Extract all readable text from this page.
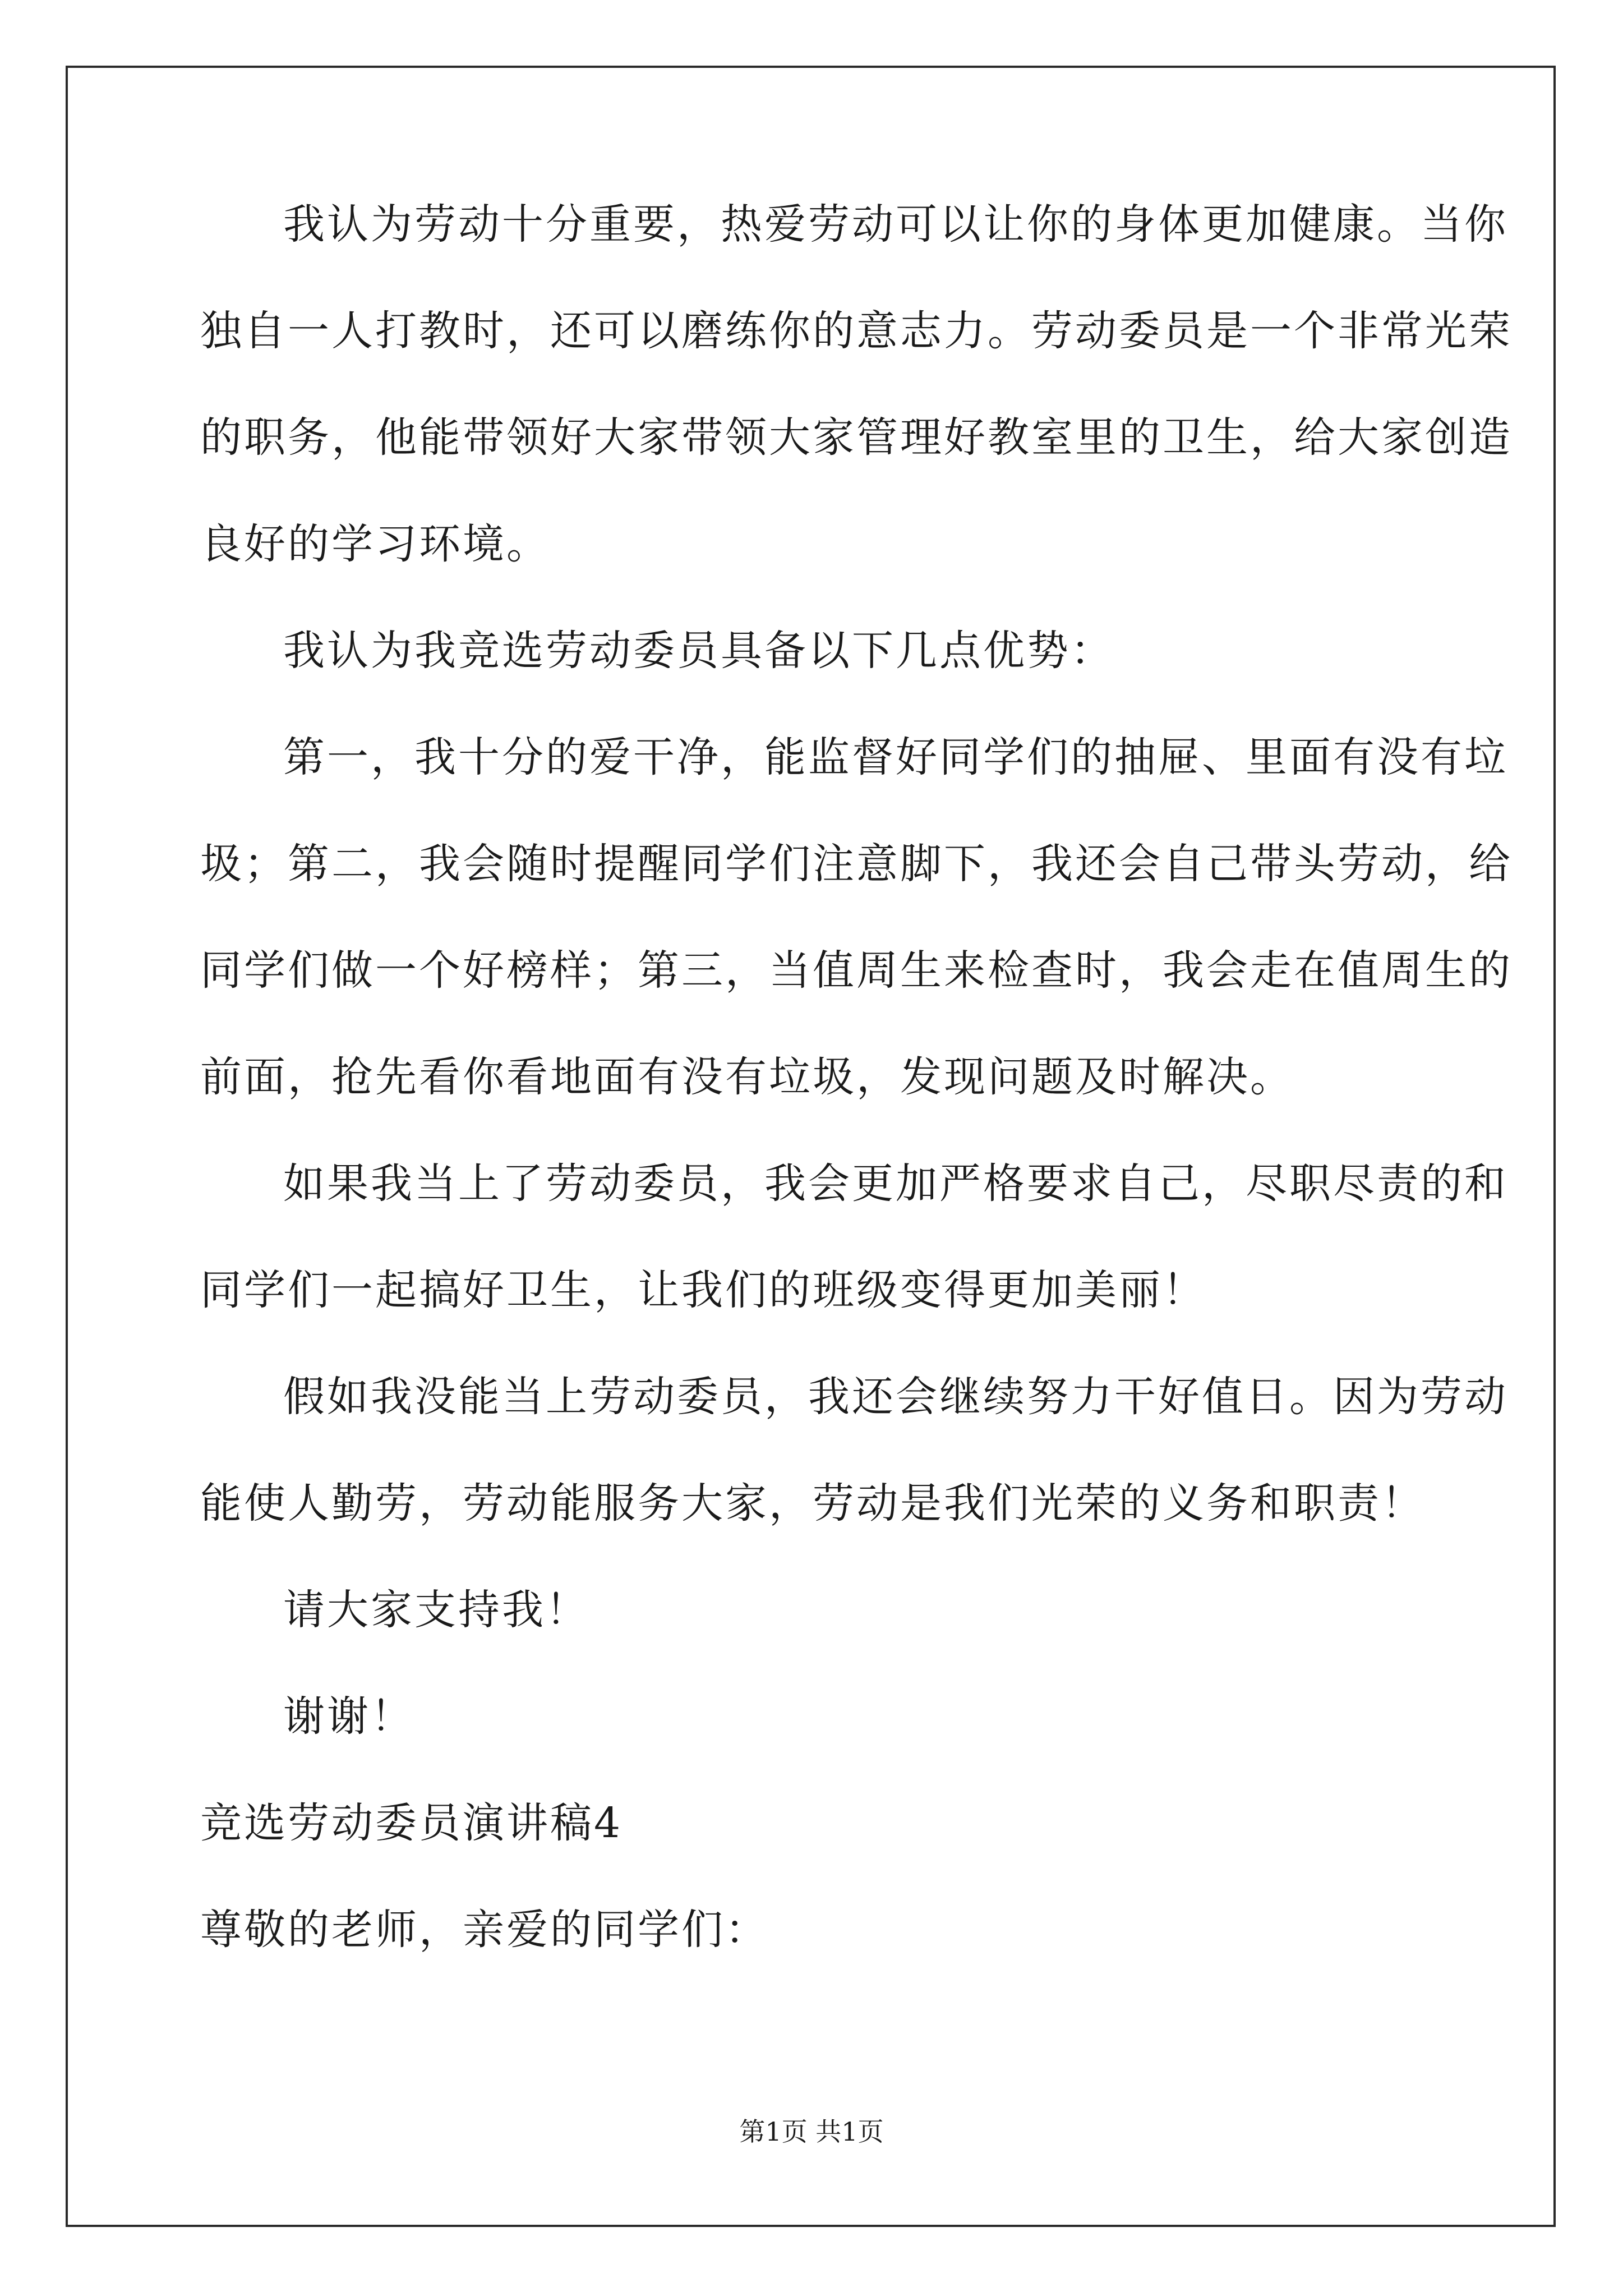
我认为劳动十分重要，热爱劳动可以让你的身体更加健康。当你
独自一人打教时，还可以磨练你的意志力。劳动委员是一个非常光荣
的职务，他能带领好大家带领大家管理好教室里的卫生，给大家创造
良好的学习环境。
我认为我竞选劳动委员具备以下几点优势：
第一，我十分的爱干净，能监督好同学们的抽屉、里面有没有垃
圾；第二，我会随时提醒同学们注意脚下，我还会自己带头劳动，给
同学们做一个好榜样；第三，当值周生来检查时，我会走在值周生的
前面，抢先看你看地面有没有垃圾，发现问题及时解决。
如果我当上了劳动委员，我会更加严格要求自己，尽职尽责的和
同学们一起搞好卫生，让我们的班级变得更加美丽！
假如我没能当上劳动委员，我还会继续努力干好值日。因为劳动
能使人勤劳，劳动能服务大家，劳动是我们光荣的义务和职责！
请大家支持我！
谢谢！
竞选劳动委员演讲稿4
尊敬的老师，亲爱的同学们：
第1页 共1页
